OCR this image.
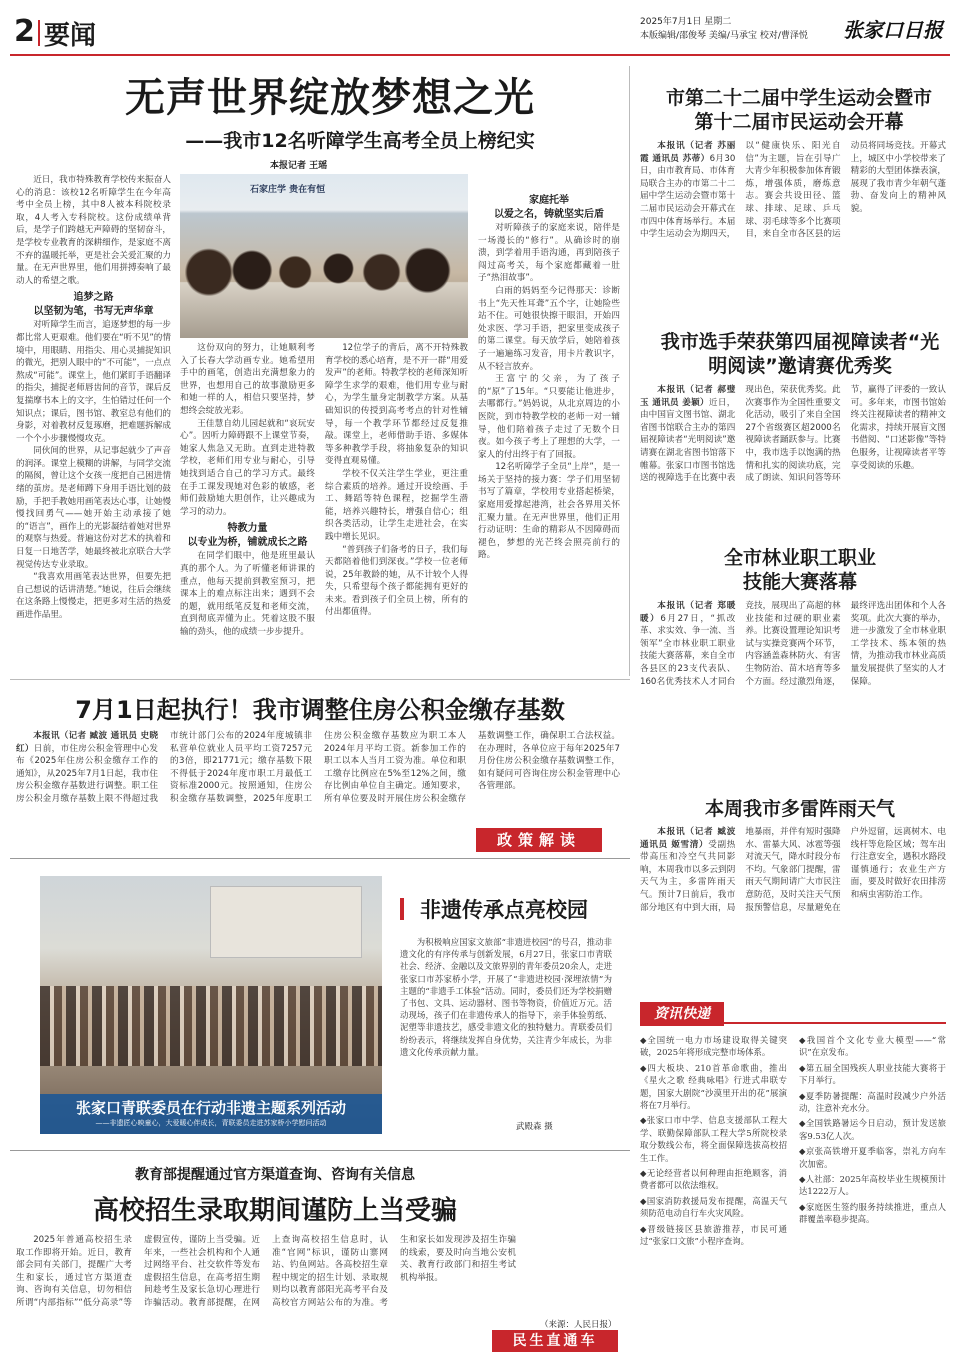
2 要闻	2025年7月1日 星期二
本版编辑/邵俊琴 美编/马承宝 校对/曹泽悦	张家口日报
无声世界绽放梦想之光
——我市12名听障学生高考全员上榜纪实
本报记者 王瑶

近日，我市特殊教育学校传来振奋人心的消息：该校12名听障学生在今年高考中全员上榜，其中8人被本科院校录取，4人考入专科院校。这份成绩单背后，是学子们跨越无声障碍的坚韧奋斗，是学校专业教育的深耕细作，是家庭不离不弃的温暖托举，更是社会关爱汇聚的力量。在无声世界里，他们用拼搏奏响了最动人的希望之歌。

追梦之路
以坚韧为笔，书写无声华章

对听障学生而言，追逐梦想的每一步都比常人更艰难。他们要在“听不见”的情境中，用眼睛、用指尖、用心灵捕捉知识的微光，把别人眼中的“不可能”，一点点熬成“可能”。课堂上，他们紧盯手语翻译的指尖，捕捉老师唇齿间的音节，课后反复揣摩书本上的文字，生怕错过任何一个知识点；课后，图书馆、教室总有他们的身影，对着教材反复琢磨，把难题拆解成一个个小步骤慢慢攻克。

同伙间的世界，从记事起就少了声音的润泽。课堂上模糊的讲解，与同学交流的隔阂，曾让这个女孩一度把自己困进情绪的茧房。是老师蹲下身用手语比划的鼓励，手把手教她用画笔表达心事，让她慢慢找回勇气——她开始主动承接了她的“语言”，画作上的光影凝结着她对世界的观察与热爱。普遍这份对艺术的执着和日复一日地苦学，她最终被北京联合大学视觉传达专业录取。

“我喜欢用画笔表达世界，但要先把自己想说的话讲清楚。”她说，往后会继续在这条路上慢慢走，把更多对生活的热爱画进作品里。

石家庄学 贵在有恒

这份双向的努力，让她顺利考入了长春大学动画专业。她希望用手中的画笔，创造出充满想象力的世界，也想用自己的故事激励更多和她一样的人，相信只要坚持，梦想终会绽放光彩。

王佳慧自幼儿园起就和“哀玩安心”。因听力障碍跟不上课堂节奏，她家人焦急又无助。直到走进特教学校，老师们用专业与耐心，引导她找到适合自己的学习方式。最终在手工课发现她对色彩的敏感，老师们鼓励她大胆创作，让兴趣成为学习的动力。

特教力量
以专业为桥，铺就成长之路

在同学们眼中，他是班里最认真的那个人。为了听懂老师讲课的重点，他每天提前到教室预习，把课本上的难点标注出来；遇到不会的题，就用纸笔反复和老师交流，直到彻底弄懂为止。凭着这股不服输的劲头，他的成绩一步步提升。

12位学子的背后，离不开特殊教育学校的悉心培育，是不开一群“用爱发声”的老师。特教学校的老师深知听障学生求学的艰难，他们用专业与耐心，为学生量身定制教学方案。从基础知识的传授到高考考点的针对性辅导，每一个教学环节都经过反复推敲。课堂上，老师借助手语、多媒体等多种教学手段，将抽象复杂的知识变得直观易懂。

学校不仅关注学生学业，更注重综合素质的培养。通过开设绘画、手工、舞蹈等特色课程，挖掘学生潜能，培养兴趣特长，增强自信心；组织各类活动，让学生走进社会，在实践中增长见识。

“普到孩子们备考的日子，我们每天都陪着他们到深夜。”学校一位老师说，25年教龄的她，从不计较个人得失，只希望每个孩子都能拥有更好的未来。看到孩子们全员上榜，所有的付出都值得。

家庭托举
以爱之名，铸就坚实后盾

对听障孩子的家庭来说，陪伴是一场漫长的“修行”。从确诊时的崩溃，到学着用手语沟通，再到陪孩子闯过高考关，每个家庭都藏着一肚子“热泪故事”。

白雨的妈妈至今记得那天：诊断书上“先天性耳聋”五个字，让她险些站不住。可她很快擦干眼泪，开始四处求医、学习手语，把家里变成孩子的第二课堂。每天放学后，她陪着孩子一遍遍练习发音，用卡片教识字，从不轻言放弃。

王富宁的父亲，为了孩子的“原”了15年。“只要能让他进步，去哪都行。”妈妈说，从北京周边的小医院，到市特教学校的老师一对一辅导，他们陪着孩子走过了无数个日夜。如今孩子考上了理想的大学，一家人的付出终于有了回报。

12名听障学子全员“上岸”，是一场关于坚持的接力赛：学子们用坚韧书写了篇章，学校用专业搭起桥梁，家庭用爱撑起港湾，社会各界用关怀汇聚力量。在无声世界里，他们正用行动证明：生命的精彩从不因障碍而褪色，梦想的光芒终会照亮前行的路。

市第二十二届中学生运动会暨市第十二届市民运动会开幕

本报讯（记者 苏丽霞 通讯员 苏蒂）6月30日，由市教育局、市体育局联合主办的市第二十二届中学生运动会暨市第十二届市民运动会开幕式在市四中体育场举行。本届中学生运动会为期四天，以“健康快乐、阳光自信”为主题，旨在引导广大青少年积极参加体育锻炼，增强体质，磨炼意志。赛会共设田径、篮球、排球、足球、乒乓球、羽毛球等多个比赛项目，来自全市各区县的运动员将同场竞技。开幕式上，城区中小学校带来了精彩的大型团体操表演，展现了我市青少年朝气蓬勃、奋发向上的精神风貌。

我市选手荣获第四届视障读者“光明阅读”邀请赛优秀奖

本报讯（记者 郝璧玉 通讯员 姜颖）近日，由中国盲文图书馆、湖北省图书馆联合主办的第四届视障读者“光明阅读”邀请赛在湖北省图书馆落下帷幕。张家口市图书馆选送的视障选手在比赛中表现出色，荣获优秀奖。此次赛事作为全国性重要文化活动，吸引了来自全国27个省级赛区超2000名视障读者踊跃参与。比赛中，我市选手以饱满的热情和扎实的阅读功底，完成了朗读、知识问答等环节，赢得了评委的一致认可。多年来，市图书馆始终关注视障读者的精神文化需求，持续开展盲文图书借阅、“口述影像”等特色服务，让视障读者平等享受阅读的乐趣。

全市林业职工职业技能大赛落幕

本报讯（记者 郑暖暖）6月27日，“抓改革、求实效、争一流、当领军”全市林业职工职业技能大赛落幕，来自全市各县区的23支代表队、160名优秀技术人才同台竞技，展现出了高超的林业技能和过硬的职业素养。比赛设置理论知识考试与实操竞赛两个环节，内容涵盖森林防火、有害生物防治、苗木培育等多个方面。经过激烈角逐，最终评选出团体和个人各奖项。此次大赛的举办，进一步激发了全市林业职工学技术、练本领的热情，为推动我市林业高质量发展提供了坚实的人才保障。

本周我市多雷阵雨天气

本报讯（记者 臧波 通讯员 姬雪清）受副热带高压和冷空气共同影响，本周我市以多云到阴天气为主，多雷阵雨天气。预计7日前后，我市部分地区有中到大雨，局地暴雨，并伴有短时强降水、雷暴大风、冰雹等强对流天气，降水时段分布不均。气象部门提醒，雷雨天气期间请广大市民注意防范，及时关注天气预报预警信息，尽量避免在户外逗留，远离树木、电线杆等危险区域；驾车出行注意安全，遇积水路段谨慎通行；农业生产方面，要及时做好农田排涝和病虫害防治工作。

7月1日起执行！我市调整住房公积金缴存基数

本报讯（记者 臧波 通讯员 史晓红）日前，市住房公积金管理中心发布《2025年住房公积金缴存工作的通知》，从2025年7月1日起，我市住房公积金缴存基数进行调整。职工住房公积金月缴存基数上限不得超过我市统计部门公布的2024年度城镇非私营单位就业人员平均工资7257元的3倍，即21771元；缴存基数下限不得低于2024年度市职工月最低工资标准2000元。按照通知，住房公积金缴存基数调整，2025年度职工住房公积金缴存基数应为职工本人2024年月平均工资。新参加工作的职工以本人当月工资为准。单位和职工缴存比例应在5%至12%之间，缴存比例由单位自主确定。通知要求，所有单位要及时开展住房公积金缴存基数调整工作，确保职工合法权益。在办理时，各单位应于每年2025年7月份住房公积金缴存基数调整工作，如有疑问可咨询住房公积金管理中心各管理部。

政策解读
张家口青联委员在行动非遗主题系列活动
——非遗匠心映童心，大爱暖心伴成长，青联委员走进苏家桥小学慰问活动
非遗传承点亮校园

为积极响应国家文旅部“非遗进校园”的号召，推动非遗文化的有序传承与创新发展，6月27日，张家口市青联社会、经济、金融以及文旅界别的青年委员20余人，走进张家口市苏家桥小学，开展了“非遗进校园·深埋浓情”为主题的“非遗手工体验”活动。同时，委员们还为学校捐赠了书包、文具、运动器材、图书等物资，价值近万元。活动现场，孩子们在非遗传承人的指导下，亲手体验剪纸、泥塑等非遗技艺，感受非遗文化的独特魅力。青联委员们纷纷表示，将继续发挥自身优势，关注青少年成长，为非遗文化传承贡献力量。

武殿森 摄
教育部提醒通过官方渠道查询、咨询有关信息
高校招生录取期间谨防上当受骗

2025年普通高校招生录取工作即将开始。近日，教育部会同有关部门，提醒广大考生和家长，通过官方渠道查询、咨询有关信息，切勿相信所谓“内部指标”“低分高录”等虚假宣传，谨防上当受骗。近年来，一些社会机构和个人通过网络平台、社交软件等发布虚假招生信息，在高考招生期间趁考生及家长急切心理进行诈骗活动。教育部提醒，在网上查询高校招生信息时，认准“官网”标识，谨防山寨网站、钓鱼网站。各高校招生章程中规定的招生计划、录取规则均以教育部阳光高考平台及高校官方网站公布的为准。考生和家长如发现涉及招生诈骗的线索，要及时向当地公安机关、教育行政部门和招生考试机构举报。

（来源：人民日报）
民生直通车
资讯快递

◆全国统一电力市场建设取得关键突破，2025年将形成完整市场体系。

◆四大板块、210首革命歌曲，推出《星火之歌 经典咏唱》行进式串联专题，国家大剧院“沙漠里开出的花”展演将在7月举行。

◆张家口市中学、信息支援部队工程大学、联勤保障部队工程大学5所院校录取分数线公布，将全面保障选拔高校招生工作。

◆无论经营者以何种理由拒绝顾客，消费者都可以依法维权。

◆国家消防救援局发布提醒，高温天气须防范电动自行车火灾风险。

◆晋级链接区县旅游推荐，市民可通过“张家口文旅”小程序查询。

◆我国首个文化专业大模型——“常识”在京发布。

◆第五届全国残疾人职业技能大赛将于下月举行。

◆夏季防暑提醒：高温时段减少户外活动，注意补充水分。

◆全国铁路暑运今日启动，预计发送旅客9.53亿人次。

◆京张高铁增开夏季临客，崇礼方向车次加密。

◆人社部：2025年高校毕业生规模预计达1222万人。

◆家庭医生签约服务持续推进，重点人群覆盖率稳步提高。
